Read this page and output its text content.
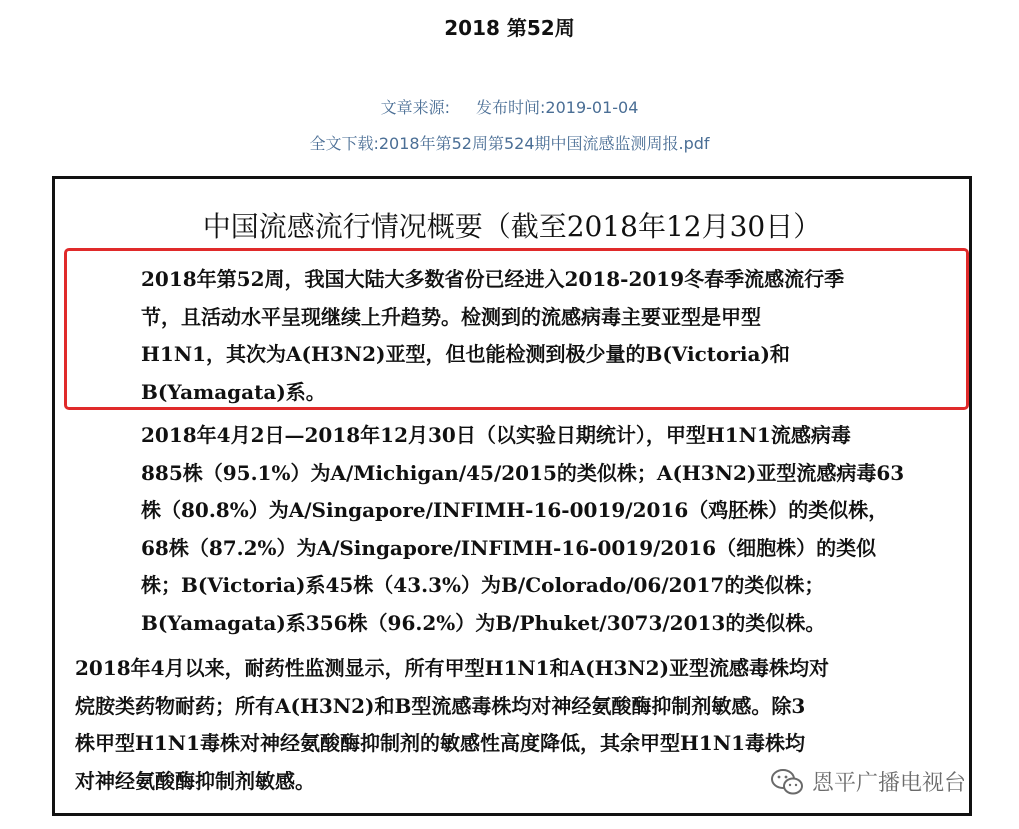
2018 第52周
文章来源: 发布时间:2019-01-04
全文下载:2018年第52周第524期中国流感监测周报.pdf
中国流感流行情况概要（截至2018年12月30日）

2018年第52周，我国大陆大多数省份已经进入2018-2019冬春季流感流行季
节，且活动水平呈现继续上升趋势。检测到的流感病毒主要亚型是甲型
H1N1，其次为A(H3N2)亚型，但也能检测到极少量的B(Victoria)和
B(Yamagata)系。

2018年4月2日—2018年12月30日（以实验日期统计），甲型H1N1流感病毒
885株（95.1%）为A/Michigan/45/2015的类似株；A(H3N2)亚型流感病毒63
株（80.8%）为A/Singapore/INFIMH-16-0019/2016（鸡胚株）的类似株，
68株（87.2%）为A/Singapore/INFIMH-16-0019/2016（细胞株）的类似
株；B(Victoria)系45株（43.3%）为B/Colorado/06/2017的类似株；
B(Yamagata)系356株（96.2%）为B/Phuket/3073/2013的类似株。

2018年4月以来，耐药性监测显示，所有甲型H1N1和A(H3N2)亚型流感毒株均对
烷胺类药物耐药；所有A(H3N2)和B型流感毒株均对神经氨酸酶抑制剂敏感。除3
株甲型H1N1毒株对神经氨酸酶抑制剂的敏感性高度降低，其余甲型H1N1毒株均
对神经氨酸酶抑制剂敏感。	恩平广播电视台
